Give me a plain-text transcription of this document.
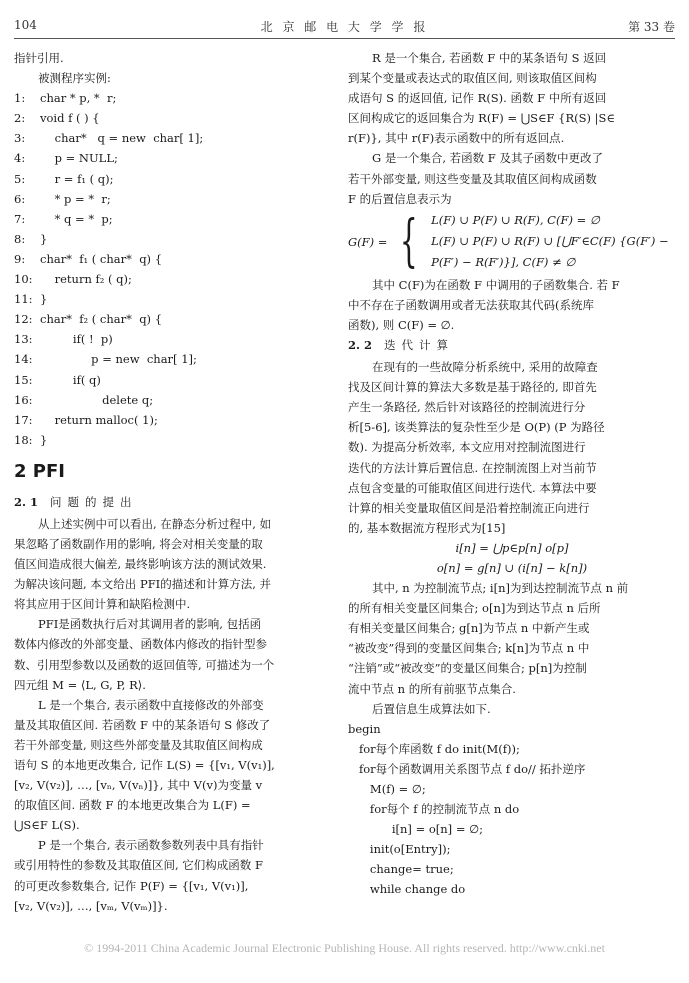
104	北 京 邮 电 大 学 学 报	第 33 卷
指针引用.
被测程序实例:
1:	char * p, *  r;
2:	void f ( ) {
3:	char*   q = new  char[ 1];
4:	p = NULL;
5:	r = f₁ ( q);
6:	* p = *  r;
7:	* q = *  p;
8:	}
9:	char*  f₁ ( char*  q) {
10: return f₂ ( q);
11: }
12: char*  f₂ ( char*  q) {
13: if( !  p)
14: p = new  char[ 1];
15: if( q)
16: delete q;
17: return malloc( 1);
18: }
2 PFI
2. 1 问题的提出
从上述实例中可以看出, 在静态分析过程中, 如
果忽略了函数副作用的影响, 将会对相关变量的取
值区间造成很大偏差, 最终影响该方法的测试效果.
为解决该问题, 本文给出 PFI的描述和计算方法, 并
将其应用于区间计算和缺陷检测中.
PFI是函数执行后对其调用者的影响, 包括函
数体内修改的外部变量、函数体内修改的指针型参
数、引用型参数以及函数的返回值等, 可描述为一个
四元组 M = ⟨L, G, P, R⟩.
L 是一个集合, 表示函数中直接修改的外部变
量及其取值区间. 若函数 F 中的某条语句 S 修改了
若干外部变量, 则这些外部变量及其取值区间构成
语句 S 的本地更改集合, 记作 L(S) = {[v₁, V(v₁)],
[v₂, V(v₂)], …, [vₙ, V(vₙ)]}, 其中 V(v)为变量 v
的取值区间. 函数 F 的本地更改集合为 L(F) =
⋃S∈F L(S).
P 是一个集合, 表示函数参数列表中具有指针
或引用特性的参数及其取值区间, 它们构成函数 F
的可更改参数集合, 记作 P(F) = {[v₁, V(v₁)],
[v₂, V(v₂)], …, [vₘ, V(vₘ)]}.
R 是一个集合, 若函数 F 中的某条语句 S 返回
到某个变量或表达式的取值区间, 则该取值区间构
成语句 S 的返回值, 记作 R(S). 函数 F 中所有返回
区间构成它的返回集合为 R(F) = ⋃S∈F {R(S) |S∈
r(F)}, 其中 r(F)表示函数中的所有返回点.
G 是一个集合, 若函数 F 及其子函数中更改了
若干外部变量, 则这些变量及其取值区间构成函数
F 的后置信息表示为
G(F) = { L(F) ∪ P(F) ∪ R(F), C(F) = ∅
L(F) ∪ P(F) ∪ R(F) ∪ [⋃F′∈C(F) {G(F′) −
P(F′) − R(F′)}], C(F) ≠ ∅
其中 C(F)为在函数 F 中调用的子函数集合. 若 F
中不存在子函数调用或者无法获取其代码(系统库
函数), 则 C(F) = ∅.
2. 2 迭代计算
在现有的一些故障分析系统中, 采用的故障查
找及区间计算的算法大多数是基于路径的, 即首先
产生一条路径, 然后针对该路径的控制流进行分
析[5-6], 该类算法的复杂性至少是 O(P) (P 为路径
数). 为提高分析效率, 本文应用对控制流图进行
迭代的方法计算后置信息. 在控制流图上对当前节
点包含变量的可能取值区间进行迭代. 本算法中要
计算的相关变量取值区间是沿着控制流正向进行
的, 基本数据流方程形式为[15]
i[n] = ⋃p∈p[n] o[p]
o[n] = g[n] ∪ (i[n] − k[n])
其中, n 为控制流节点; i[n]为到达控制流节点 n 前
的所有相关变量区间集合; o[n]为到达节点 n 后所
有相关变量区间集合; g[n]为节点 n 中新产生或
“被改变”得到的变量区间集合; k[n]为节点 n 中
“注销”或“被改变”的变量区间集合; p[n]为控制
流中节点 n 的所有前驱节点集合.
后置信息生成算法如下.
begin
for每个库函数 f do init(M(f));
for每个函数调用关系图节点 f do// 拓扑逆序
M(f) = ∅;
for每个 f 的控制流节点 n do
i[n] = o[n] = ∅;
init(o[Entry]);
change= true;
while change do
© 1994-2011 China Academic Journal Electronic Publishing House. All rights reserved. http://www.cnki.net
